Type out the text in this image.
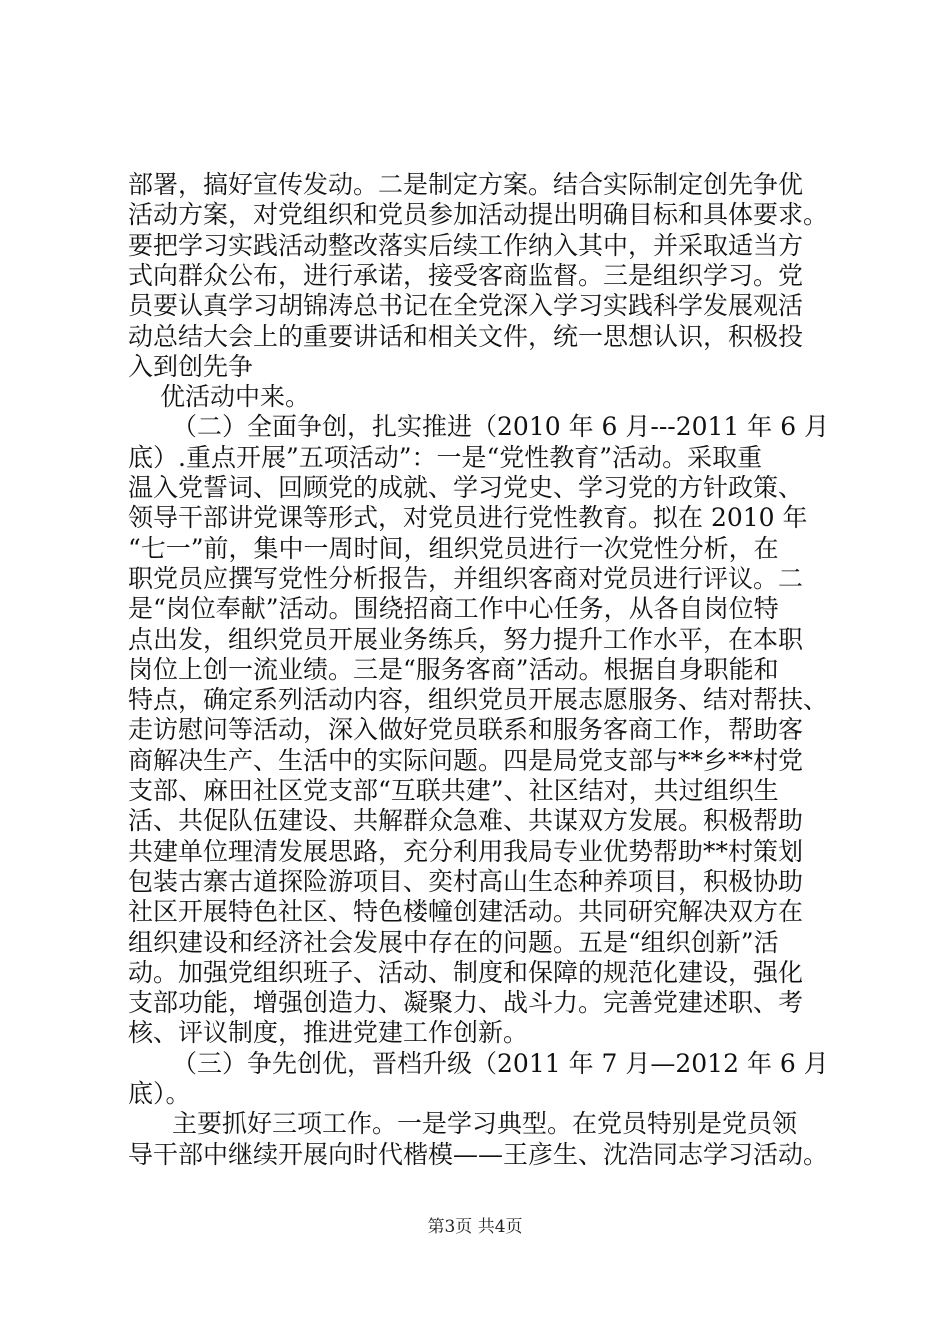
部署，搞好宣传发动。二是制定方案。结合实际制定创先争优
活动方案，对党组织和党员参加活动提出明确目标和具体要求。
要把学习实践活动整改落实后续工作纳入其中，并采取适当方
式向群众公布，进行承诺，接受客商监督。三是组织学习。党
员要认真学习胡锦涛总书记在全党深入学习实践科学发展观活
动总结大会上的重要讲话和相关文件，统一思想认识，积极投
入到创先争
优活动中来。
（二）全面争创，扎实推进（2010 年 6 月---2011 年 6 月
底）.重点开展”五项活动”：一是“党性教育”活动。采取重
温入党誓词、回顾党的成就、学习党史、学习党的方针政策、
领导干部讲党课等形式，对党员进行党性教育。拟在 2010 年
“七一”前，集中一周时间，组织党员进行一次党性分析，在
职党员应撰写党性分析报告，并组织客商对党员进行评议。二
是“岗位奉献”活动。围绕招商工作中心任务，从各自岗位特
点出发，组织党员开展业务练兵，努力提升工作水平，在本职
岗位上创一流业绩。三是“服务客商”活动。根据自身职能和
特点，确定系列活动内容，组织党员开展志愿服务、结对帮扶、
走访慰问等活动，深入做好党员联系和服务客商工作，帮助客
商解决生产、生活中的实际问题。四是局党支部与**乡**村党
支部、麻田社区党支部“互联共建”、社区结对，共过组织生
活、共促队伍建设、共解群众急难、共谋双方发展。积极帮助
共建单位理清发展思路，充分利用我局专业优势帮助**村策划
包装古寨古道探险游项目、奕村高山生态种养项目，积极协助
社区开展特色社区、特色楼幢创建活动。共同研究解决双方在
组织建设和经济社会发展中存在的问题。五是“组织创新”活
动。加强党组织班子、活动、制度和保障的规范化建设，强化
支部功能，增强创造力、凝聚力、战斗力。完善党建述职、考
核、评议制度，推进党建工作创新。
（三）争先创优，晋档升级（2011 年 7 月—2012 年 6 月
底）。
主要抓好三项工作。一是学习典型。在党员特别是党员领
导干部中继续开展向时代楷模——王彦生、沈浩同志学习活动。
第3页 共4页
